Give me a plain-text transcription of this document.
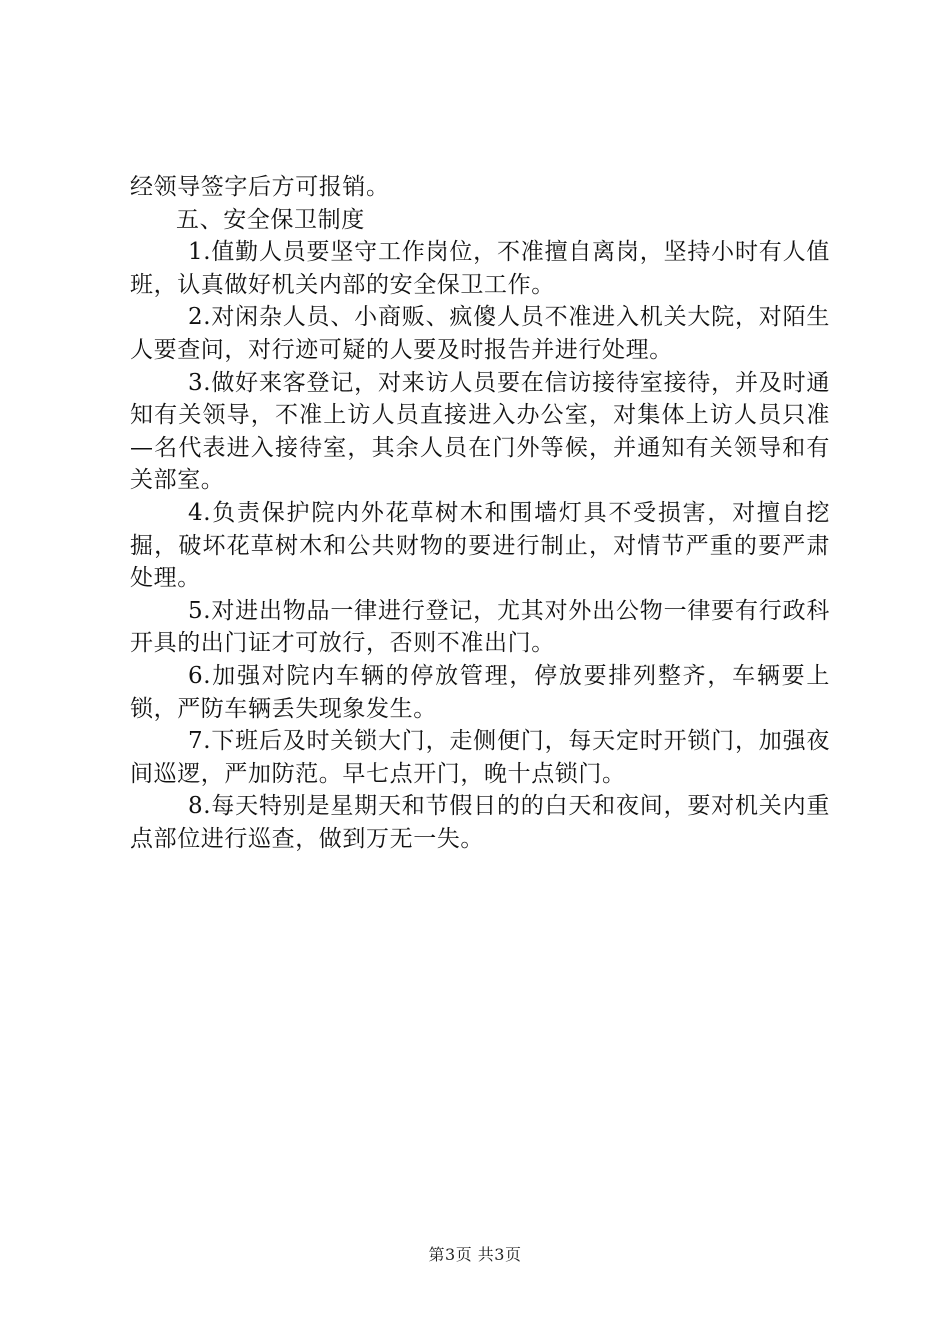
经领导签字后方可报销。

五、安全保卫制度

1.值勤人员要坚守工作岗位，不准擅自离岗，坚持小时有人值班，认真做好机关内部的安全保卫工作。

2.对闲杂人员、小商贩、疯傻人员不准进入机关大院，对陌生人要查问，对行迹可疑的人要及时报告并进行处理。

3.做好来客登记，对来访人员要在信访接待室接待，并及时通知有关领导，不准上访人员直接进入办公室，对集体上访人员只准—名代表进入接待室，其余人员在门外等候，并通知有关领导和有关部室。

4.负责保护院内外花草树木和围墙灯具不受损害，对擅自挖掘，破坏花草树木和公共财物的要进行制止，对情节严重的要严肃处理。

5.对进出物品一律进行登记，尤其对外出公物一律要有行政科开具的出门证才可放行，否则不准出门。

6.加强对院内车辆的停放管理，停放要排列整齐，车辆要上锁，严防车辆丢失现象发生。

7.下班后及时关锁大门，走侧便门，每天定时开锁门，加强夜间巡逻，严加防范。早七点开门，晚十点锁门。

8.每天特别是星期天和节假日的的白天和夜间，要对机关内重点部位进行巡查，做到万无一失。

第3页 共3页
